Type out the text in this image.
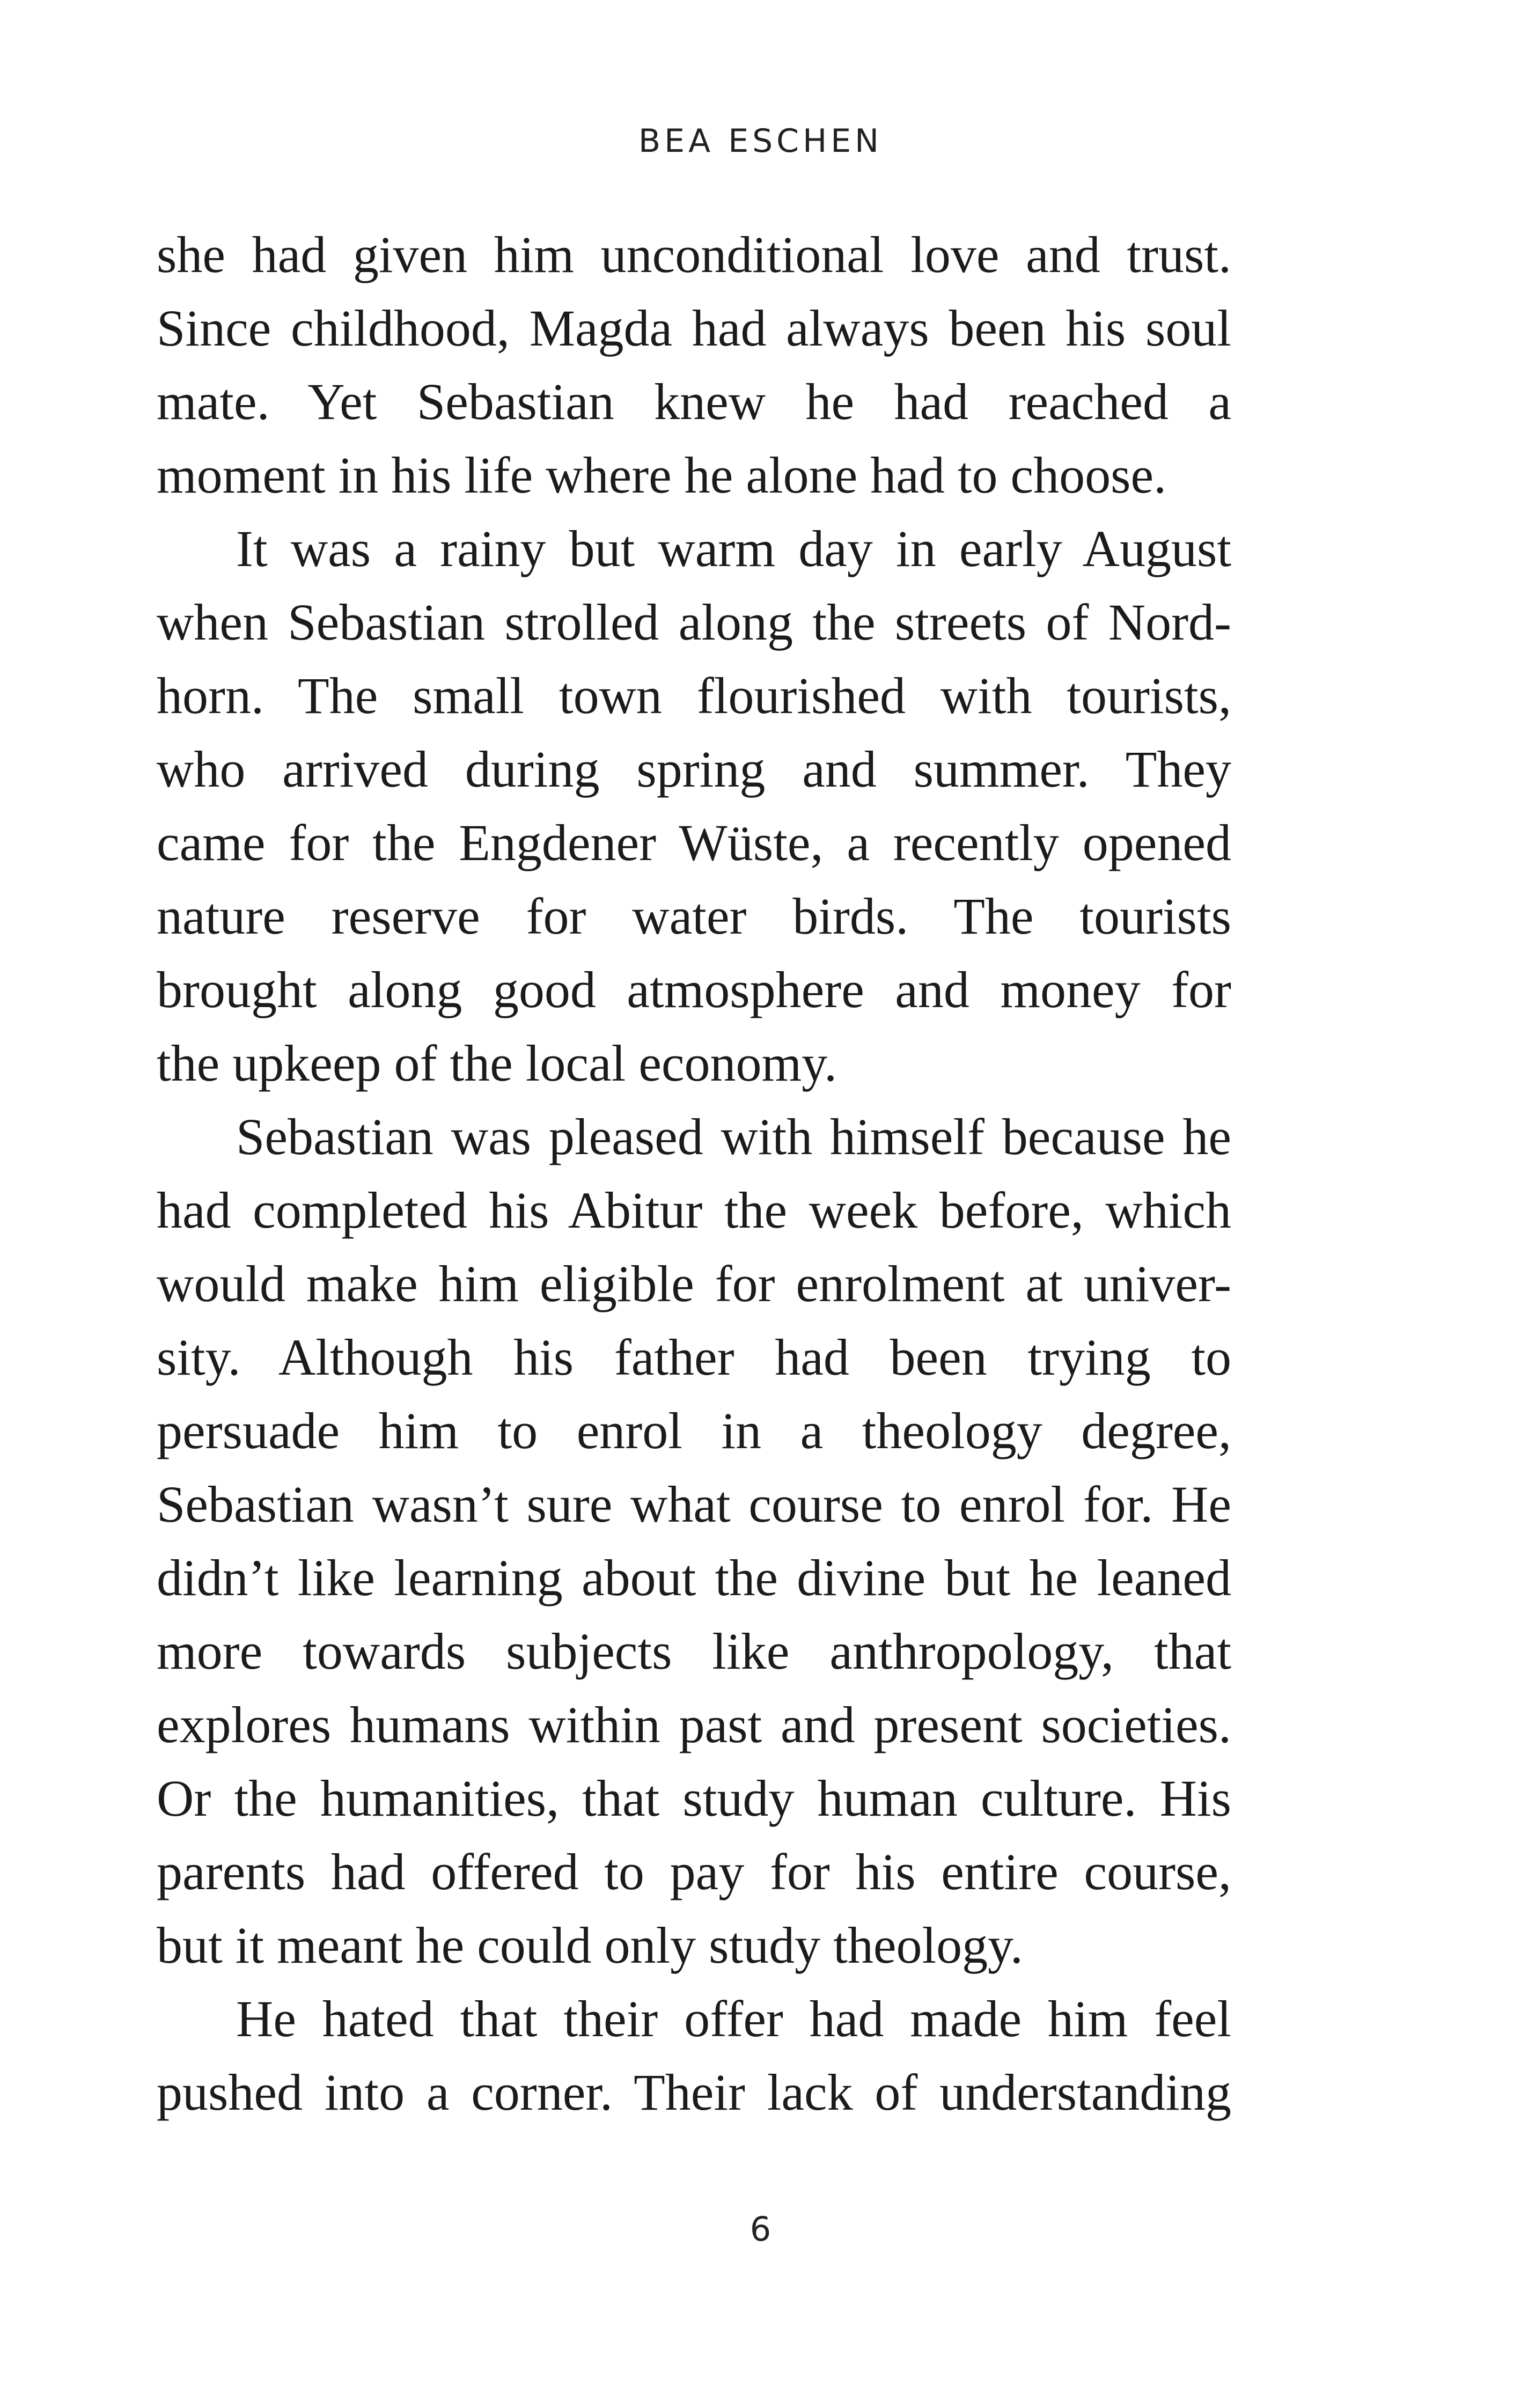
BEA ESCHEN
she had given him unconditional love and trust.
Since childhood, Magda had always been his soul
mate. Yet Sebastian knew he had reached a
moment in his life where he alone had to choose.
It was a rainy but warm day in early August
when Sebastian strolled along the streets of Nord-
horn. The small town flourished with tourists,
who arrived during spring and summer. They
came for the Engdener Wüste, a recently opened
nature reserve for water birds. The tourists
brought along good atmosphere and money for
the upkeep of the local economy.
Sebastian was pleased with himself because he
had completed his Abitur the week before, which
would make him eligible for enrolment at univer-
sity. Although his father had been trying to
persuade him to enrol in a theology degree,
Sebastian wasn’t sure what course to enrol for. He
didn’t like learning about the divine but he leaned
more towards subjects like anthropology, that
explores humans within past and present societies.
Or the humanities, that study human culture. His
parents had offered to pay for his entire course,
but it meant he could only study theology.
He hated that their offer had made him feel
pushed into a corner. Their lack of understanding
6
